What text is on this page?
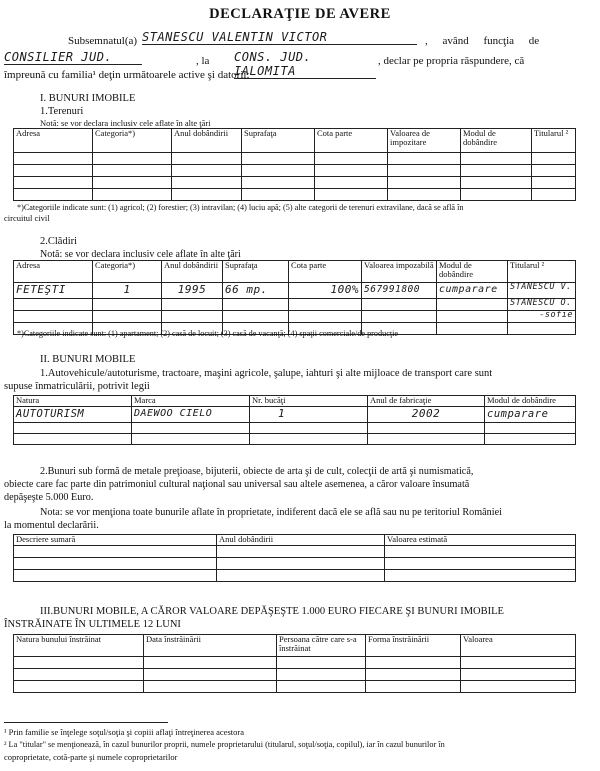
DECLARAŢIE DE AVERE
Subsemnatul(a) STANESCU VALENTIN VICTOR	, având funcţia de
CONSILIER JUD.	, la CONS. JUD. IALOMITA
, declar pe propria răspundere, că
împreună cu familia¹ deţin următoarele active şi datorii:
I. BUNURI IMOBILE
1.Terenuri
Notă: se vor declara inclusiv cele aflate în alte ţări
Adresa	Categoria*)	Anul dobândirii	Suprafaţa	Cota parte	Valoarea de impozitare	Modul de dobândire	Titularul ²

*)Categoriile indicate sunt: (1) agricol; (2) forestier; (3) intravilan; (4) luciu apă; (5) alte categorii de terenuri extravilane, dacă se află în
circuitul civil
2.Clădiri
Notă: se vor declara inclusiv cele aflate în alte ţări
Adresa	Categoria*)	Anul dobândirii	Suprafaţa	Cota parte	Valoarea impozabilă	Modul de dobândire	Titularul ²
FETEŞTI	1	1995	66 mp.	100%	567991800	cumparare	STANESCU V.

							STANESCU O.
							-sofie

*)Categoriile indicate sunt: (1) apartament; (2) casă de locuit; (3) casă de vacanţă; (4) spaţii comerciale/de producţie
II. BUNURI MOBILE
1.Autovehicule/autoturisme, tractoare, maşini agricole, şalupe, iahturi şi alte mijloace de transport care sunt
supuse înmatriculării, potrivit legii
Natura	Marca	Nr. bucăţi	Anul de fabricaţie	Modul de dobândire
AUTOTURISM	DAEWOO CIELO	1	2002	cumparare

2.Bunuri sub formă de metale preţioase, bijuterii, obiecte de arta şi de cult, colecţii de artă şi numismatică,
obiecte care fac parte din patrimoniul cultural naţional sau universal sau altele asemenea, a căror valoare însumată
depăşeşte 5.000 Euro.
Nota: se vor menţiona toate bunurile aflate în proprietate, indiferent dacă ele se află sau nu pe teritoriul României
la momentul declarării.
Descriere sumară	Anul dobândirii	Valoarea estimată

III.BUNURI MOBILE, A CĂROR VALOARE DEPĂŞEŞTE 1.000 EURO FIECARE ŞI BUNURI IMOBILE
ÎNSTRĂINATE ÎN ULTIMELE 12 LUNI
Natura bunului înstrăinat	Data înstrăinării	Persoana către care s-a înstrăinat	Forma înstrăinării	Valoarea

¹ Prin familie se înţelege soţul/soţia şi copiii aflaţi întreţinerea acestora
² La "titular" se menţionează, în cazul bunurilor proprii, numele proprietarului (titularul, soţul/soţia, copilul), iar în cazul bunurilor în
coproprietate, cotă-parte şi numele coproprietarilor
